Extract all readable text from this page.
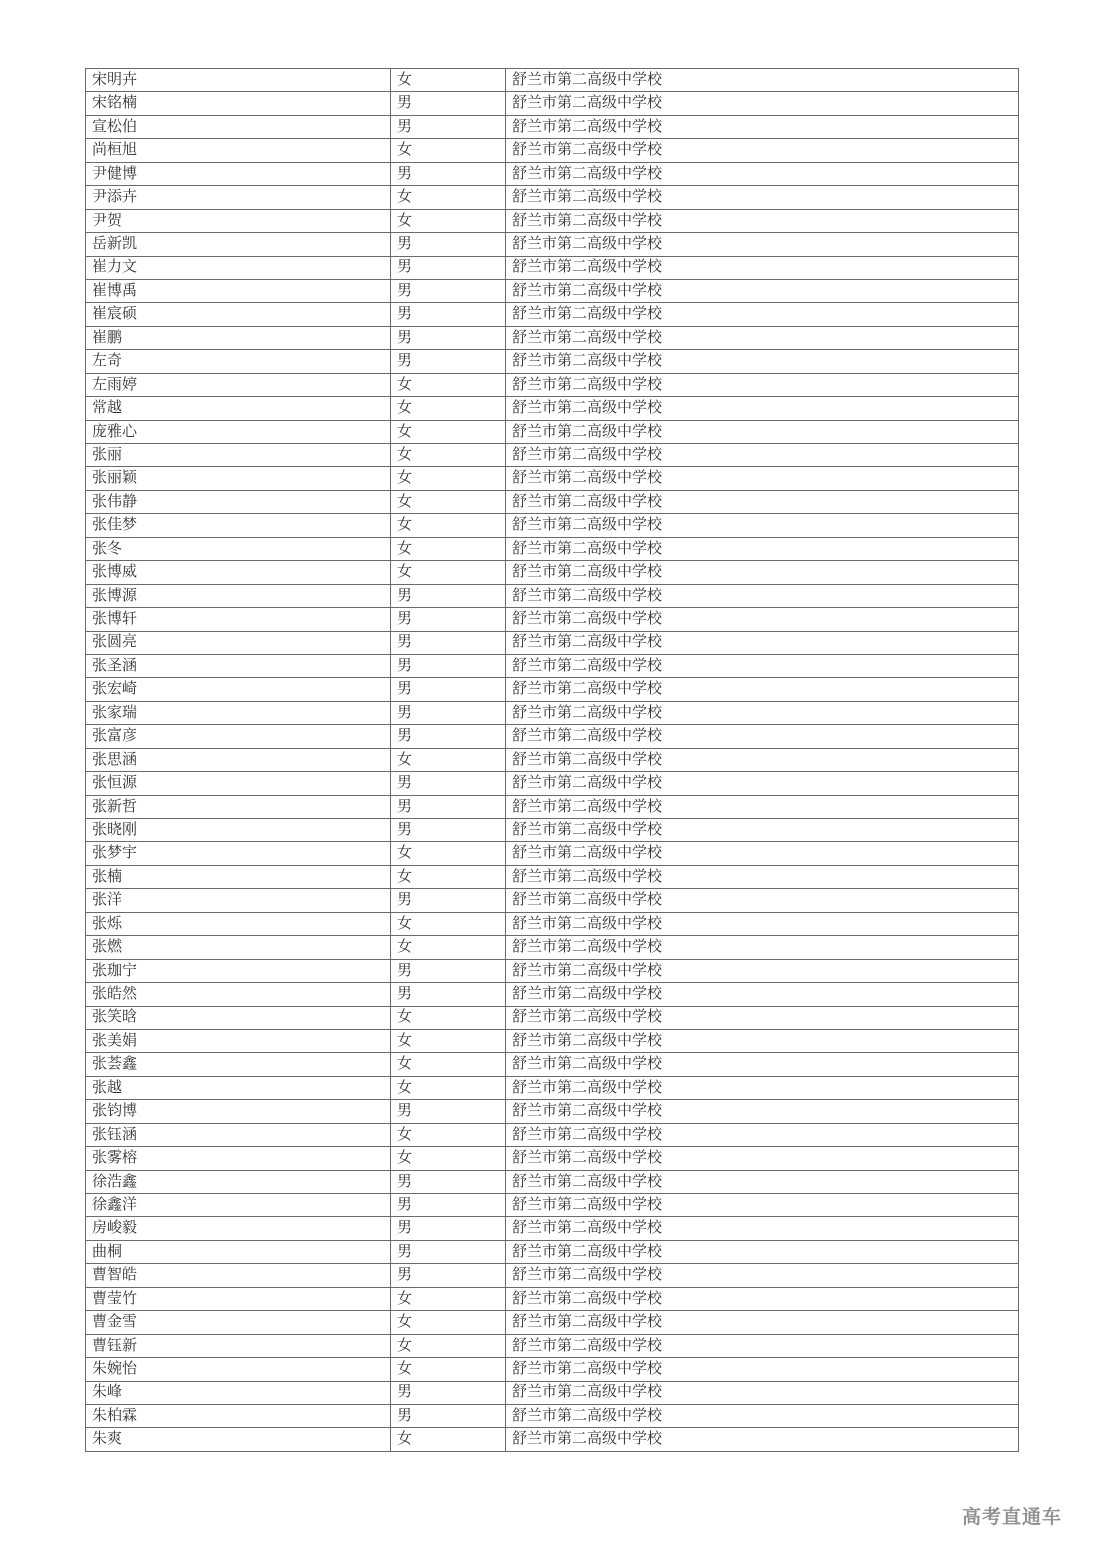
宋明卉	女	舒兰市第二高级中学校
宋铭楠	男	舒兰市第二高级中学校
宣松伯	男	舒兰市第二高级中学校
尚桓旭	女	舒兰市第二高级中学校
尹健博	男	舒兰市第二高级中学校
尹添卉	女	舒兰市第二高级中学校
尹贺	女	舒兰市第二高级中学校
岳新凯	男	舒兰市第二高级中学校
崔力文	男	舒兰市第二高级中学校
崔博禹	男	舒兰市第二高级中学校
崔宸硕	男	舒兰市第二高级中学校
崔鹏	男	舒兰市第二高级中学校
左奇	男	舒兰市第二高级中学校
左雨婷	女	舒兰市第二高级中学校
常越	女	舒兰市第二高级中学校
庞雅心	女	舒兰市第二高级中学校
张丽	女	舒兰市第二高级中学校
张丽颖	女	舒兰市第二高级中学校
张伟静	女	舒兰市第二高级中学校
张佳梦	女	舒兰市第二高级中学校
张冬	女	舒兰市第二高级中学校
张博威	女	舒兰市第二高级中学校
张博源	男	舒兰市第二高级中学校
张博轩	男	舒兰市第二高级中学校
张圆亮	男	舒兰市第二高级中学校
张圣涵	男	舒兰市第二高级中学校
张宏崎	男	舒兰市第二高级中学校
张家瑞	男	舒兰市第二高级中学校
张富彦	男	舒兰市第二高级中学校
张思涵	女	舒兰市第二高级中学校
张恒源	男	舒兰市第二高级中学校
张新哲	男	舒兰市第二高级中学校
张晓刚	男	舒兰市第二高级中学校
张梦宇	女	舒兰市第二高级中学校
张楠	女	舒兰市第二高级中学校
张洋	男	舒兰市第二高级中学校
张烁	女	舒兰市第二高级中学校
张燃	女	舒兰市第二高级中学校
张珈宁	男	舒兰市第二高级中学校
张皓然	男	舒兰市第二高级中学校
张笑晗	女	舒兰市第二高级中学校
张美娟	女	舒兰市第二高级中学校
张荟鑫	女	舒兰市第二高级中学校
张越	女	舒兰市第二高级中学校
张钧博	男	舒兰市第二高级中学校
张钰涵	女	舒兰市第二高级中学校
张雾榕	女	舒兰市第二高级中学校
徐浩鑫	男	舒兰市第二高级中学校
徐鑫洋	男	舒兰市第二高级中学校
房峻毅	男	舒兰市第二高级中学校
曲桐	男	舒兰市第二高级中学校
曹智皓	男	舒兰市第二高级中学校
曹莹竹	女	舒兰市第二高级中学校
曹金雪	女	舒兰市第二高级中学校
曹钰新	女	舒兰市第二高级中学校
朱婉怡	女	舒兰市第二高级中学校
朱峰	男	舒兰市第二高级中学校
朱柏霖	男	舒兰市第二高级中学校
朱爽	女	舒兰市第二高级中学校
高考直通车
